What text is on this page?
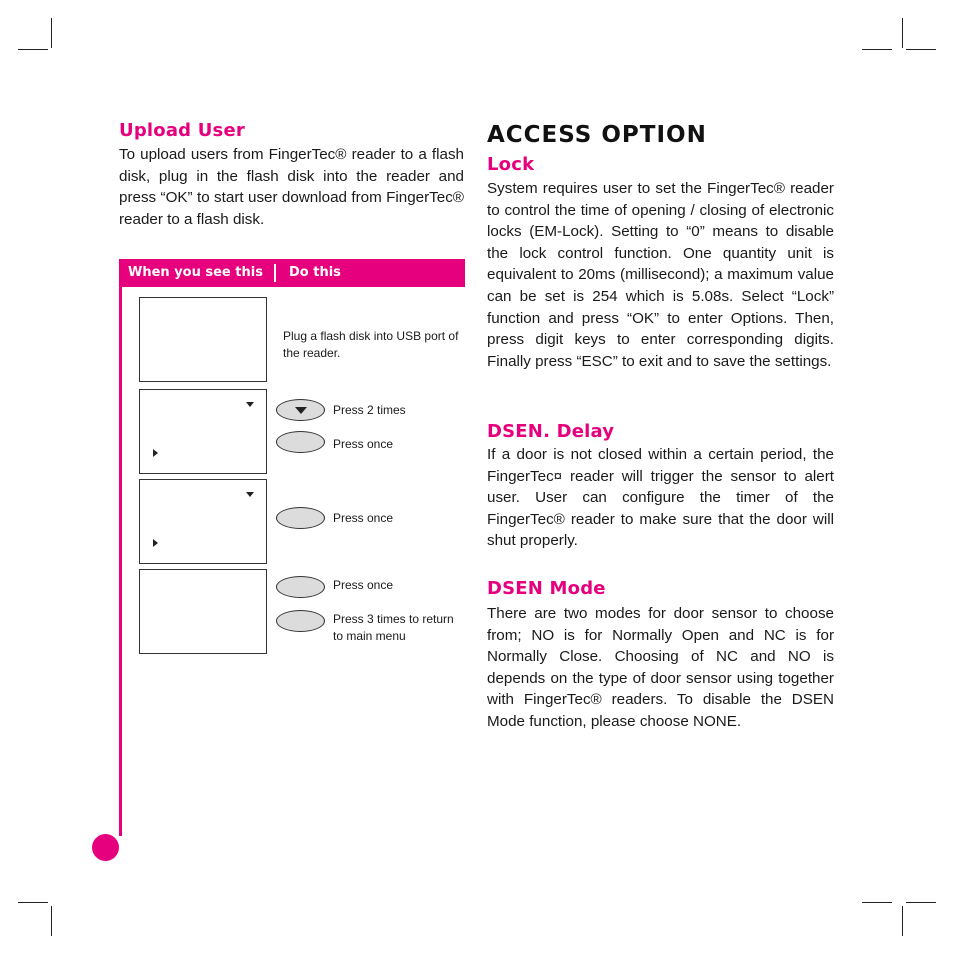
Upload User

To upload users from FingerTec® reader to a flash disk, plug in the flash disk into the reader and press “OK” to start user download from FingerTec® reader to a flash disk.

When you see this Do this

Plug a flash disk into USB port of the reader.

Press 2 times

Press once

Press once

Press once

Press 3 times to return to main menu

ACCESS OPTION
Lock

System requires user to set the FingerTec® reader to control the time of opening / closing of electronic locks (EM-Lock). Setting to “0” means to disable the lock control function. One quantity unit is equivalent to 20ms (millisecond); a maximum value can be set is 254 which is 5.08s. Select “Lock” function and press “OK” to enter Options. Then, press digit keys to enter corresponding digits. Finally press “ESC” to exit and to save the settings.

DSEN. Delay

If a door is not closed within a certain period, the FingerTec¤ reader will trigger the sensor to alert user. User can configure the timer of the FingerTec® reader to make sure that the door will shut properly.

DSEN Mode

There are two modes for door sensor to choose from; NO is for Normally Open and NC is for Normally Close. Choosing of NC and NO is depends on the type of door sensor using together with FingerTec® readers. To disable the DSEN Mode function, please choose NONE.
